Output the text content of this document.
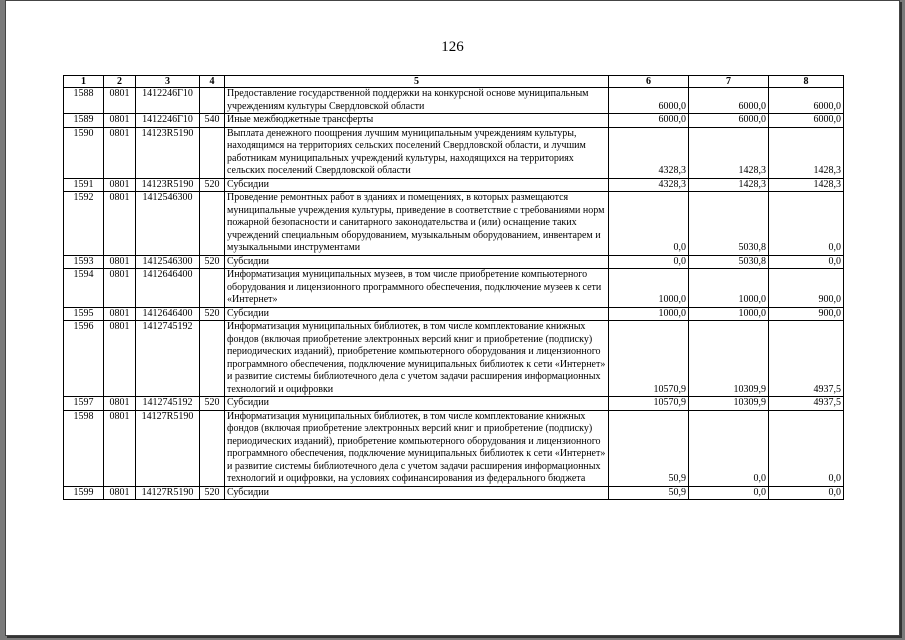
126
1	2	3	4	5	6	7	8
1588	0801	1412246Г10		Предоставление государственной поддержки на конкурсной основе муниципальным учреждениям культуры Свердловской области	6000,0	6000,0	6000,0
1589	0801	1412246Г10	540	Иные межбюджетные трансферты	6000,0	6000,0	6000,0
1590	0801	14123R5190		Выплата денежного поощрения лучшим муниципальным учреждениям культуры, находящимся на территориях сельских поселений Свердловской области, и лучшим работникам муниципальных учреждений культуры, находящихся на территориях сельских поселений Свердловской области	4328,3	1428,3	1428,3
1591	0801	14123R5190	520	Субсидии	4328,3	1428,3	1428,3
1592	0801	1412546300		Проведение ремонтных работ в зданиях и помещениях, в которых размещаются муниципальные учреждения культуры, приведение в соответствие с требованиями норм пожарной безопасности и санитарного законодательства и (или) оснащение таких учреждений специальным оборудованием, музыкальным оборудованием, инвентарем и музыкальными инструментами	0,0	5030,8	0,0
1593	0801	1412546300	520	Субсидии	0,0	5030,8	0,0
1594	0801	1412646400		Информатизация муниципальных музеев, в том числе приобретение компьютерного оборудования и лицензионного программного обеспечения, подключение музеев к сети «Интернет»	1000,0	1000,0	900,0
1595	0801	1412646400	520	Субсидии	1000,0	1000,0	900,0
1596	0801	1412745192		Информатизация муниципальных библиотек, в том числе комплектование книжных фондов (включая приобретение электронных версий книг и приобретение (подписку) периодических изданий), приобретение компьютерного оборудования и лицензионного программного обеспечения, подключение муниципальных библиотек к сети «Интернет» и развитие системы библиотечного дела с учетом задачи расширения информационных технологий и оцифровки	10570,9	10309,9	4937,5
1597	0801	1412745192	520	Субсидии	10570,9	10309,9	4937,5
1598	0801	14127R5190		Информатизация муниципальных библиотек, в том числе комплектование книжных фондов (включая приобретение электронных версий книг и приобретение (подписку) периодических изданий), приобретение компьютерного оборудования и лицензионного программного обеспечения, подключение муниципальных библиотек к сети «Интернет» и развитие системы библиотечного дела с учетом задачи расширения информационных технологий и оцифровки, на условиях софинансирования из федерального бюджета	50,9	0,0	0,0
1599	0801	14127R5190	520	Субсидии	50,9	0,0	0,0
